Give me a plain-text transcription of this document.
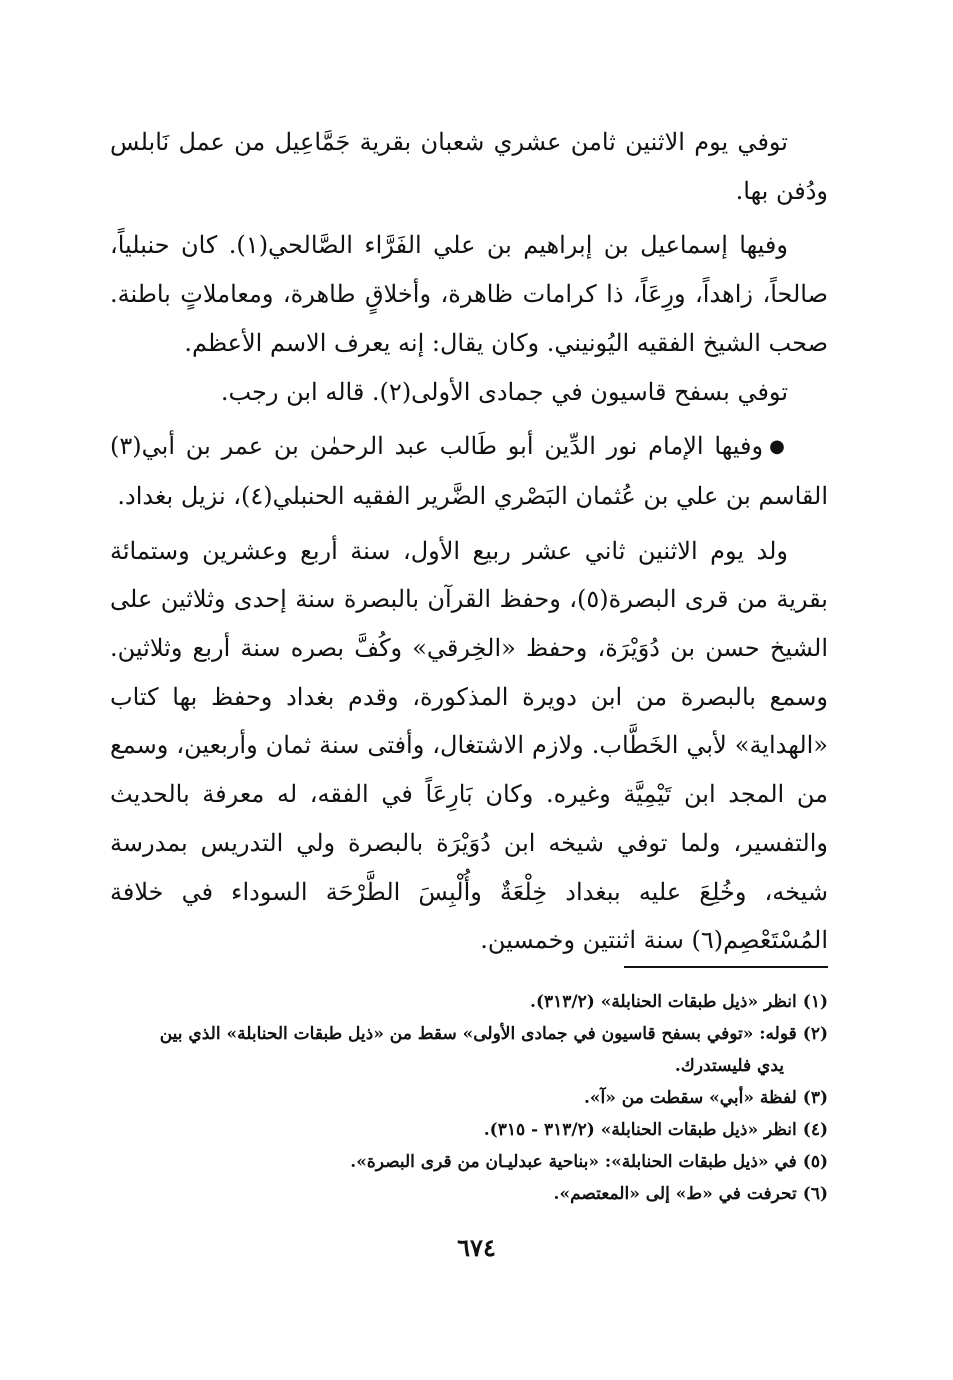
توفي يوم الاثنين ثامن عشري شعبان بقرية جَمَّاعِيل من عمل نَابلس ودُفن بها.

وفيها إسماعيل بن إبراهيم بن علي الفَرَّاء الصَّالحي(١). كان حنبلياً، صالحاً، زاهداً، ورِعَاً، ذا كرامات ظاهرة، وأخلاقٍ طاهرة، ومعاملاتٍ باطنة. صحب الشيخ الفقيه اليُونيني. وكان يقال: إنه يعرف الاسم الأعظم.

توفي بسفح قاسيون في جمادى الأولى(٢). قاله ابن رجب.

●وفيها الإمام نور الدِّين أبو طَالب عبد الرحمٰن بن عمر بن أبي(٣) القاسم بن علي بن عُثمان البَصْري الضَّرير الفقيه الحنبلي(٤)، نزيل بغداد.

ولد يوم الاثنين ثاني عشر ربيع الأول، سنة أربع وعشرين وستمائة بقرية من قرى البصرة(٥)، وحفظ القرآن بالبصرة سنة إحدى وثلاثين على الشيخ حسن بن دُوَيْرَة، وحفظ «الخِرقي» وكُفَّ بصره سنة أربع وثلاثين. وسمع بالبصرة من ابن دويرة المذكورة، وقدم بغداد وحفظ بها كتاب «الهداية» لأبي الخَطَّاب. ولازم الاشتغال، وأفتى سنة ثمان وأربعين، وسمع من المجد ابن تَيْمِيَّة وغيره. وكان بَارِعَاً في الفقه، له معرفة بالحديث والتفسير، ولما توفي شيخه ابن دُوَيْرَة بالبصرة ولي التدريس بمدرسة شيخه، وخُلِعَ عليه ببغداد خِلْعَةٌ وأُلْبِسَ الطَّرْحَة السوداء في خلافة المُسْتَعْصِم(٦) سنة اثنتين وخمسين.

(١)انظر «ذيل طبقات الحنابلة» (٣١٣/٢).

(٢)قوله: «توفي بسفح قاسيون في جمادى الأولى» سقط من «ذيل طبقات الحنابلة» الذي بين
يدي فليستدرك.

(٣)لفظة «أبي» سقطت من «آ».

(٤)انظر «ذيل طبقات الحنابلة» (٣١٣/٢ - ٣١٥).

(٥)في «ذيل طبقات الحنابلة»: «بناحية عبدليـان من قرى البصرة».

(٦)تحرفت في «ط» إلى «المعتصم».

٦٧٤
